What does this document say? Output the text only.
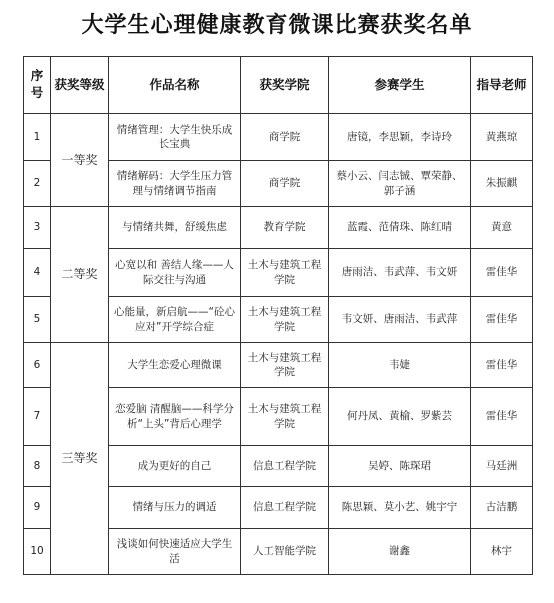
大学生心理健康教育微课比赛获奖名单
序号	获奖等级	作品名称	获奖学院	参赛学生	指导老师
1	一等奖	情绪管理：大学生快乐成长宝典	商学院	唐镜，李思颖，李诗玲	黄燕琼
2		情绪解码：大学生压力管理与情绪调节指南	商学院	蔡小云、闫志铖、覃荣静、郭子涵	朱振麒
3	二等奖	与情绪共舞，舒缓焦虑	教育学院	蓝霞、范倩珠、陈红晴	黄意
4		心宽以和 善结人缘——人际交往与沟通	土木与建筑工程学院	唐雨洁、韦武萍、韦文妍	雷佳华
5		心能量，新启航——“砼心应对”开学综合症	土木与建筑工程学院	韦文妍、唐雨洁、韦武萍	雷佳华
6	三等奖	大学生恋爱心理微课	土木与建筑工程学院	韦婕	雷佳华
7		恋爱脑 清醒脑——科学分析“上头”背后心理学	土木与建筑工程学院	何丹凤、黄榆、罗紫芸	雷佳华
8		成为更好的自己	信息工程学院	吴婷、陈琛珺	马廷洲
9		情绪与压力的调适	信息工程学院	陈思颖、莫小艺、姚宇宁	古洁鹏
10		浅谈如何快速适应大学生活	人工智能学院	谢鑫	林宇
